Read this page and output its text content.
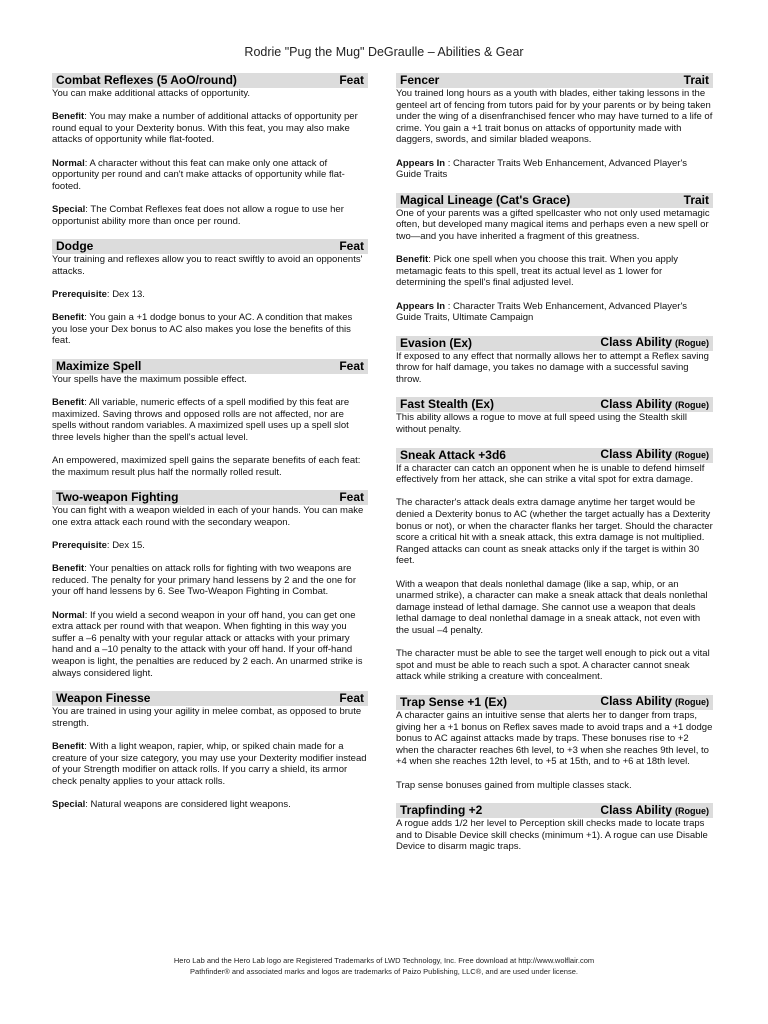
Rodrie "Pug the Mug" DeGraulle – Abilities & Gear
Combat Reflexes (5 AoO/round)	Feat

You can make additional attacks of opportunity.

Benefit: You may make a number of additional attacks of opportunity per round equal to your Dexterity bonus. With this feat, you may also make attacks of opportunity while flat-footed.

Normal: A character without this feat can make only one attack of opportunity per round and can't make attacks of opportunity while flat-footed.

Special: The Combat Reflexes feat does not allow a rogue to use her opportunist ability more than once per round.

Dodge	Feat

Your training and reflexes allow you to react swiftly to avoid an opponents' attacks.

Prerequisite: Dex 13.

Benefit: You gain a +1 dodge bonus to your AC. A condition that makes you lose your Dex bonus to AC also makes you lose the benefits of this feat.

Maximize Spell	Feat

Your spells have the maximum possible effect.

Benefit: All variable, numeric effects of a spell modified by this feat are maximized. Saving throws and opposed rolls are not affected, nor are spells without random variables. A maximized spell uses up a spell slot three levels higher than the spell's actual level.

An empowered, maximized spell gains the separate benefits of each feat: the maximum result plus half the normally rolled result.

Two-weapon Fighting	Feat

You can fight with a weapon wielded in each of your hands. You can make one extra attack each round with the secondary weapon.

Prerequisite: Dex 15.

Benefit: Your penalties on attack rolls for fighting with two weapons are reduced. The penalty for your primary hand lessens by 2 and the one for your off hand lessens by 6. See Two-Weapon Fighting in Combat.

Normal: If you wield a second weapon in your off hand, you can get one extra attack per round with that weapon. When fighting in this way you suffer a –6 penalty with your regular attack or attacks with your primary hand and a –10 penalty to the attack with your off hand. If your off-hand weapon is light, the penalties are reduced by 2 each. An unarmed strike is always considered light.

Weapon Finesse	Feat

You are trained in using your agility in melee combat, as opposed to brute strength.

Benefit: With a light weapon, rapier, whip, or spiked chain made for a creature of your size category, you may use your Dexterity modifier instead of your Strength modifier on attack rolls. If you carry a shield, its armor check penalty applies to your attack rolls.

Special: Natural weapons are considered light weapons.

Fencer	Trait

You trained long hours as a youth with blades, either taking lessons in the genteel art of fencing from tutors paid for by your parents or by being taken under the wing of a disenfranchised fencer who may have turned to a life of crime. You gain a +1 trait bonus on attacks of opportunity made with daggers, swords, and similar bladed weapons.

Appears In : Character Traits Web Enhancement, Advanced Player's Guide Traits

Magical Lineage (Cat's Grace)	Trait

One of your parents was a gifted spellcaster who not only used metamagic often, but developed many magical items and perhaps even a new spell or two—and you have inherited a fragment of this greatness.

Benefit: Pick one spell when you choose this trait. When you apply metamagic feats to this spell, treat its actual level as 1 lower for determining the spell's final adjusted level.

Appears In : Character Traits Web Enhancement, Advanced Player's Guide Traits, Ultimate Campaign

Evasion (Ex)	Class Ability (Rogue)

If exposed to any effect that normally allows her to attempt a Reflex saving throw for half damage, you takes no damage with a successful saving throw.

Fast Stealth (Ex)	Class Ability (Rogue)

This ability allows a rogue to move at full speed using the Stealth skill without penalty.

Sneak Attack +3d6	Class Ability (Rogue)

If a character can catch an opponent when he is unable to defend himself effectively from her attack, she can strike a vital spot for extra damage.

The character's attack deals extra damage anytime her target would be denied a Dexterity bonus to AC (whether the target actually has a Dexterity bonus or not), or when the character flanks her target. Should the character score a critical hit with a sneak attack, this extra damage is not multiplied. Ranged attacks can count as sneak attacks only if the target is within 30 feet.

With a weapon that deals nonlethal damage (like a sap, whip, or an unarmed strike), a character can make a sneak attack that deals nonlethal damage instead of lethal damage. She cannot use a weapon that deals lethal damage to deal nonlethal damage in a sneak attack, not even with the usual –4 penalty.

The character must be able to see the target well enough to pick out a vital spot and must be able to reach such a spot. A character cannot sneak attack while striking a creature with concealment.

Trap Sense +1 (Ex)	Class Ability (Rogue)

A character gains an intuitive sense that alerts her to danger from traps, giving her a +1 bonus on Reflex saves made to avoid traps and a +1 dodge bonus to AC against attacks made by traps. These bonuses rise to +2 when the character reaches 6th level, to +3 when she reaches 9th level, to +4 when she reaches 12th level, to +5 at 15th, and to +6 at 18th level.

Trap sense bonuses gained from multiple classes stack.

Trapfinding +2	Class Ability (Rogue)

A rogue adds 1/2 her level to Perception skill checks made to locate traps and to Disable Device skill checks (minimum +1). A rogue can use Disable Device to disarm magic traps.

Hero Lab and the Hero Lab logo are Registered Trademarks of LWD Technology, Inc. Free download at http://www.wolflair.com
Pathfinder® and associated marks and logos are trademarks of Paizo Publishing, LLC®, and are used under license.
